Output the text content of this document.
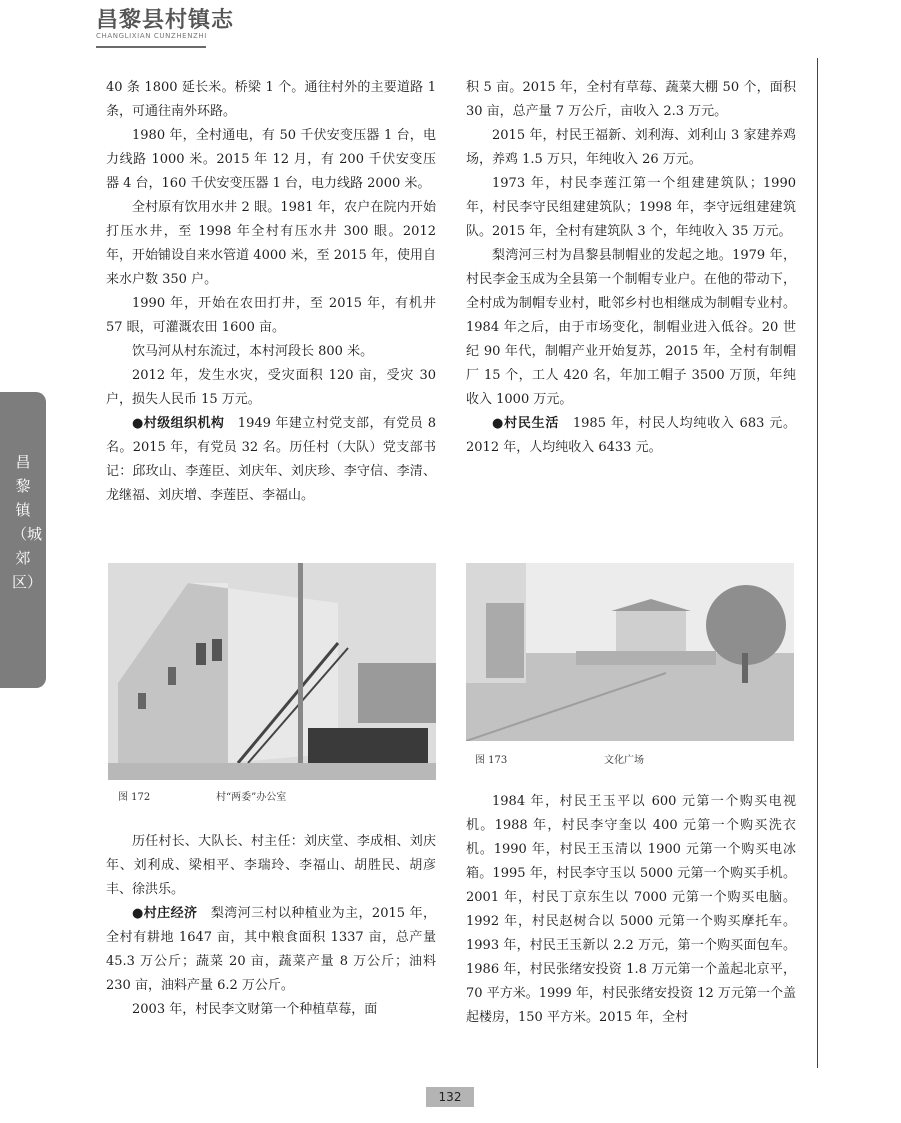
昌黎县村镇志
CHANGLIXIAN CUNZHENZHI
昌黎镇（城郊区）

40 条 1800 延长米。桥梁 1 个。通往村外的主要道路 1 条，可通往南外环路。

1980 年，全村通电，有 50 千伏安变压器 1 台，电力线路 1000 米。2015 年 12 月，有 200 千伏安变压器 4 台，160 千伏安变压器 1 台，电力线路 2000 米。

全村原有饮用水井 2 眼。1981 年，农户在院内开始打压水井，至 1998 年全村有压水井 300 眼。2012 年，开始铺设自来水管道 4000 米，至 2015 年，使用自来水户数 350 户。

1990 年，开始在农田打井，至 2015 年，有机井 57 眼，可灌溉农田 1600 亩。

饮马河从村东流过，本村河段长 800 米。

2012 年，发生水灾，受灾面积 120 亩，受灾 30 户，损失人民币 15 万元。

●村级组织机构　 1949 年建立村党支部，有党员 8 名。2015 年，有党员 32 名。历任村（大队）党支部书记：邱玫山、李莲臣、刘庆年、刘庆珍、李守信、李清、龙继福、刘庆增、李莲臣、李福山。

图 172	村“两委”办公室

历任村长、大队长、村主任：刘庆堂、李成相、刘庆年、刘利成、梁相平、李瑞玲、李福山、胡胜民、胡彦丰、徐洪乐。

●村庄经济　 梨湾河三村以种植业为主，2015 年，全村有耕地 1647 亩，其中粮食面积 1337 亩，总产量 45.3 万公斤；蔬菜 20 亩，蔬菜产量 8 万公斤；油料 230 亩，油料产量 6.2 万公斤。

2003 年，村民李文财第一个种植草莓，面

积 5 亩。2015 年，全村有草莓、蔬菜大棚 50 个，面积 30 亩，总产量 7 万公斤，亩收入 2.3 万元。

2015 年，村民王福新、刘利海、刘利山 3 家建养鸡场，养鸡 1.5 万只，年纯收入 26 万元。

1973 年，村民李莲江第一个组建建筑队；1990 年，村民李守民组建建筑队；1998 年，李守远组建建筑队。2015 年，全村有建筑队 3 个，年纯收入 35 万元。

梨湾河三村为昌黎县制帽业的发起之地。1979 年，村民李金玉成为全县第一个制帽专业户。在他的带动下，全村成为制帽专业村，毗邻乡村也相继成为制帽专业村。1984 年之后，由于市场变化，制帽业进入低谷。20 世纪 90 年代，制帽产业开始复苏，2015 年，全村有制帽厂 15 个，工人 420 名，年加工帽子 3500 万顶，年纯收入 1000 万元。

●村民生活　 1985 年，村民人均纯收入 683 元。2012 年，人均纯收入 6433 元。

图 173	文化广场

1984 年，村民王玉平以 600 元第一个购买电视机。1988 年，村民李守奎以 400 元第一个购买洗衣机。1990 年，村民王玉清以 1900 元第一个购买电冰箱。1995 年，村民李守玉以 5000 元第一个购买手机。2001 年，村民丁京东生以 7000 元第一个购买电脑。1992 年，村民赵树合以 5000 元第一个购买摩托车。1993 年，村民王玉新以 2.2 万元，第一个购买面包车。1986 年，村民张绪安投资 1.8 万元第一个盖起北京平，70 平方米。1999 年，村民张绪安投资 12 万元第一个盖起楼房，150 平方米。2015 年，全村

132
